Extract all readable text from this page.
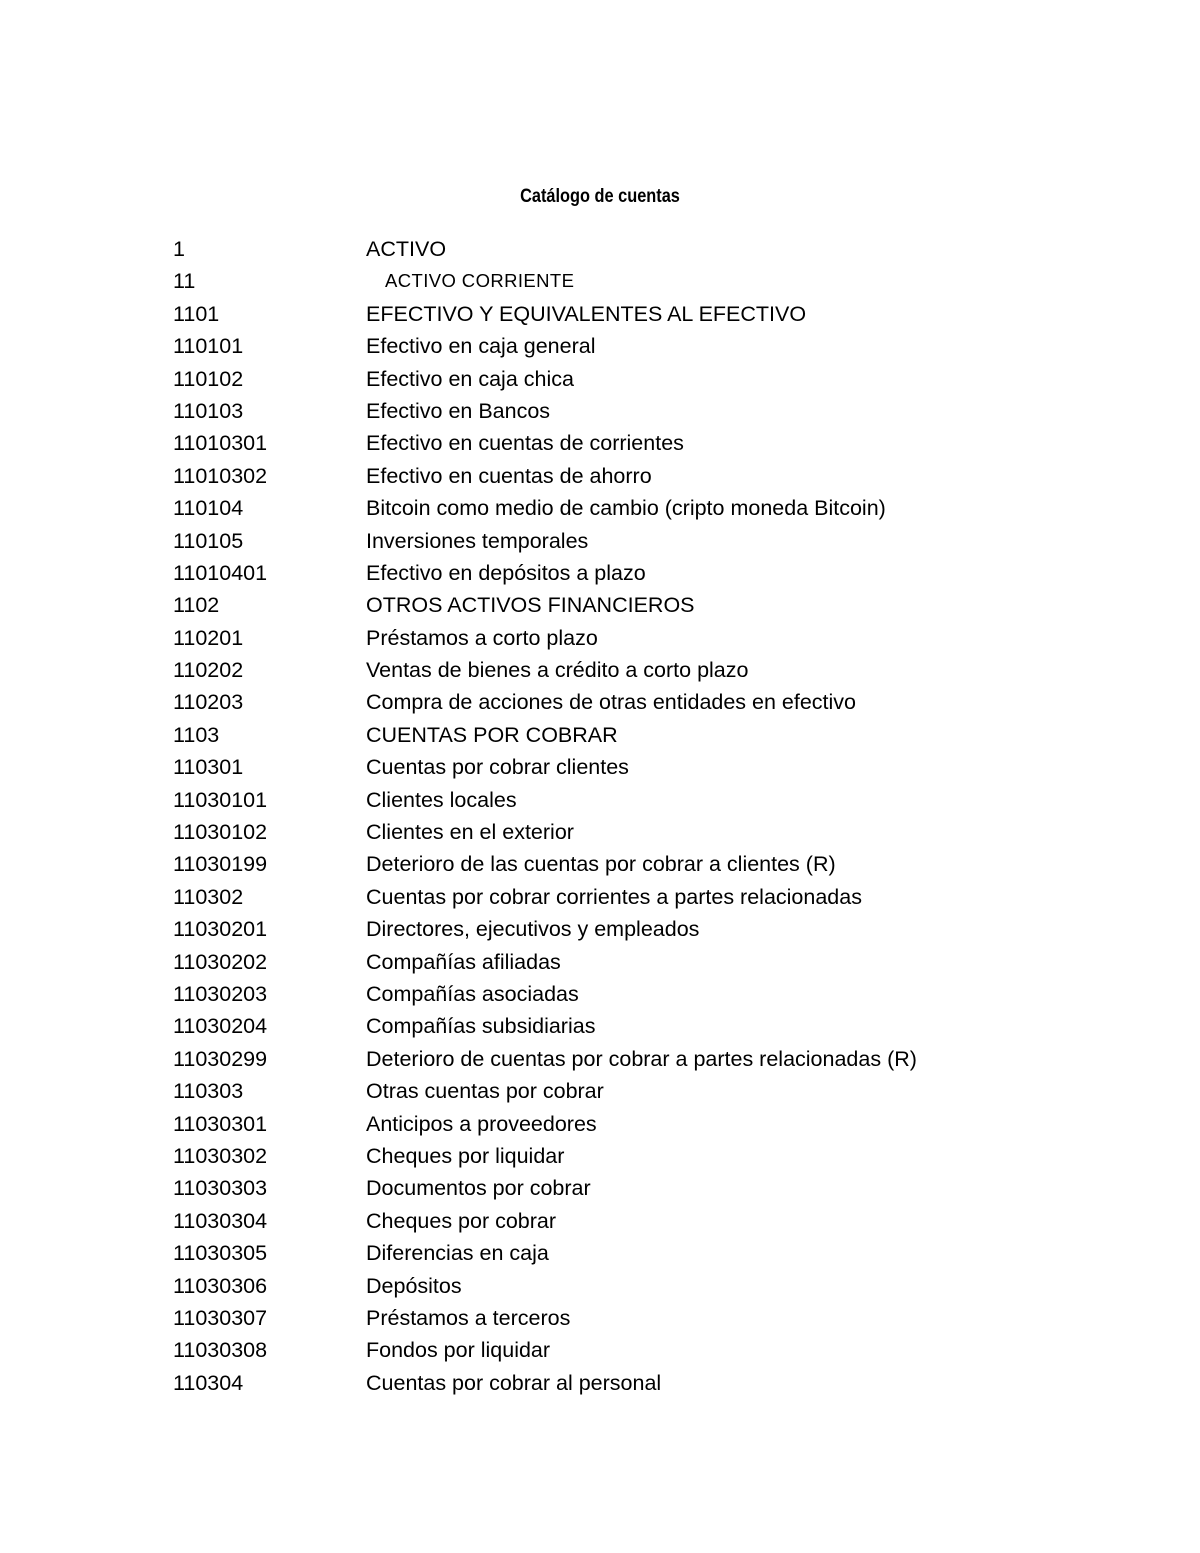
Catálogo de cuentas
1	ACTIVO
11	ACTIVO CORRIENTE
1101	EFECTIVO Y EQUIVALENTES AL EFECTIVO
110101	Efectivo en caja general
110102	Efectivo en caja chica
110103	Efectivo en Bancos
11010301	Efectivo en cuentas de corrientes
11010302	Efectivo en cuentas de ahorro
110104	Bitcoin como medio de cambio (cripto moneda Bitcoin)
110105	Inversiones temporales
11010401	Efectivo en depósitos a plazo
1102	OTROS ACTIVOS FINANCIEROS
110201	Préstamos a corto plazo
110202	Ventas de bienes a crédito a corto plazo
110203	Compra de acciones de otras entidades en efectivo
1103	CUENTAS POR COBRAR
110301	Cuentas por cobrar clientes
11030101	Clientes locales
11030102	Clientes en el exterior
11030199	Deterioro de las cuentas por cobrar a clientes (R)
110302	Cuentas por cobrar corrientes a partes relacionadas
11030201	Directores, ejecutivos y empleados
11030202	Compañías afiliadas
11030203	Compañías asociadas
11030204	Compañías subsidiarias
11030299	Deterioro de cuentas por cobrar a partes relacionadas (R)
110303	Otras cuentas por cobrar
11030301	Anticipos a proveedores
11030302	Cheques por liquidar
11030303	Documentos por cobrar
11030304	Cheques por cobrar
11030305	Diferencias en caja
11030306	Depósitos
11030307	Préstamos a terceros
11030308	Fondos por liquidar
110304	Cuentas por cobrar al personal
